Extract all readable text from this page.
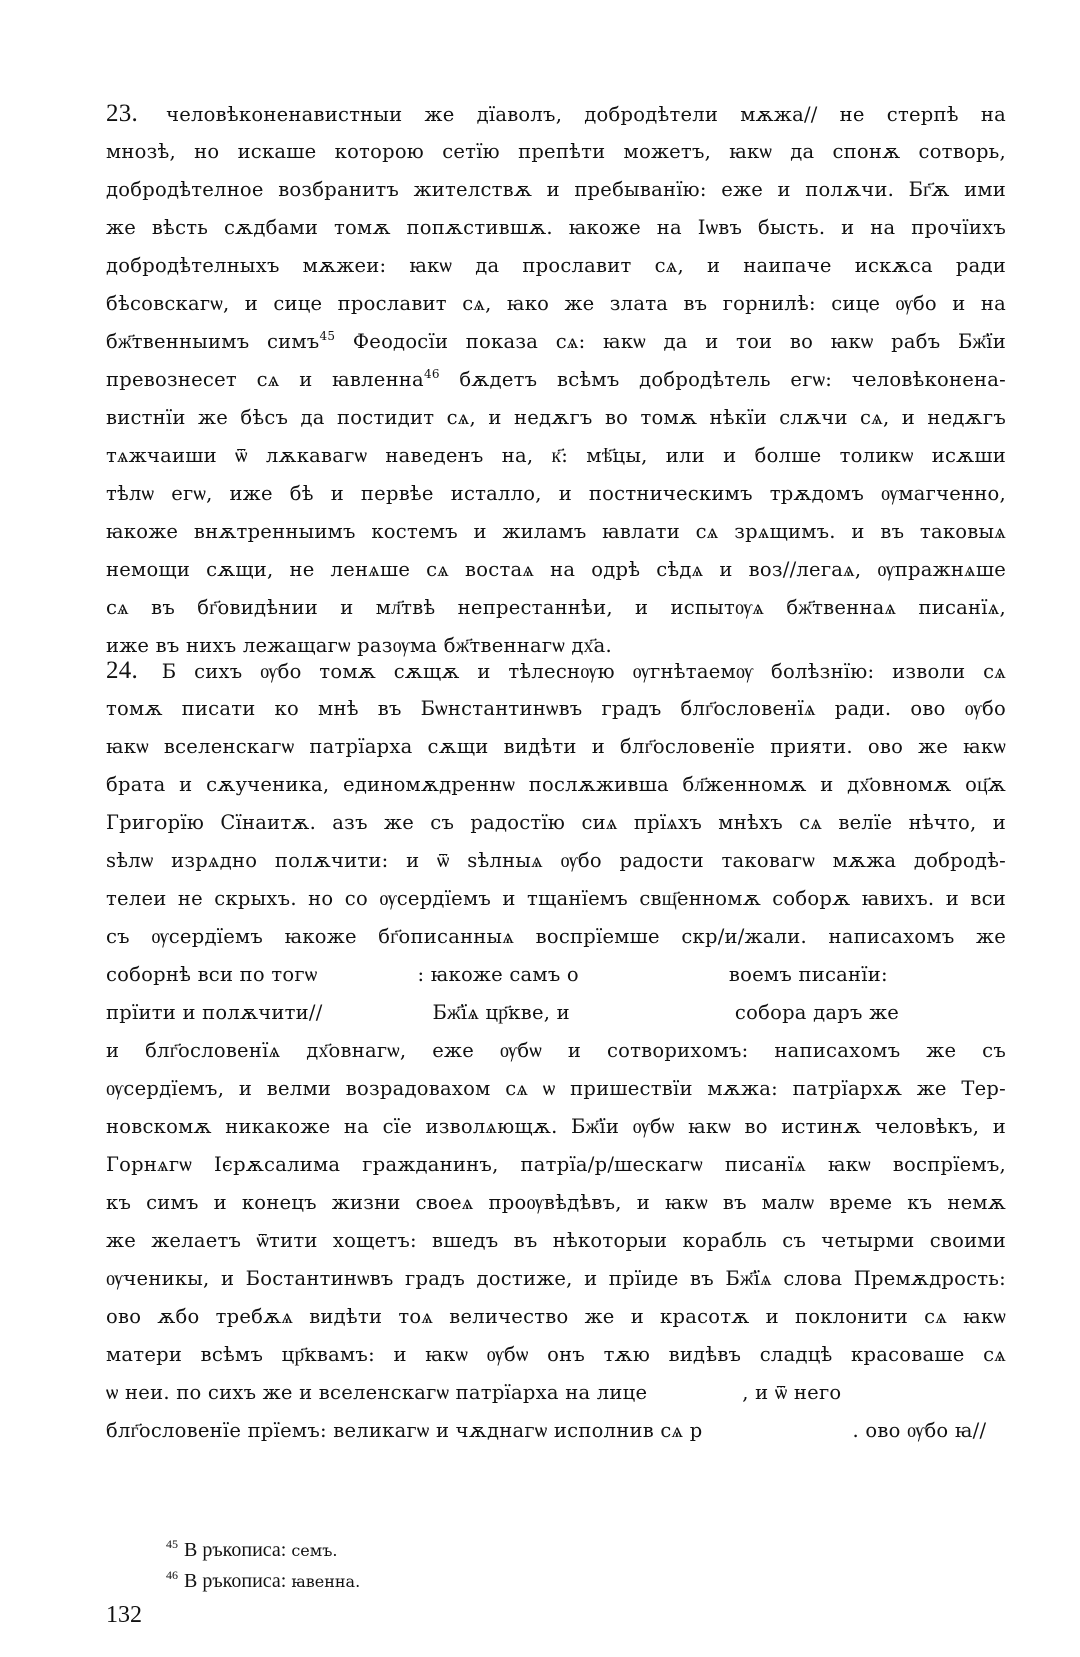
23. человѣконенавистныи же дїаволъ, добродѣтели мѫжа// не стерпѣ на
мнозѣ, но искаше которою сетїю препѣти можетъ, ꙗкѡ да спонѫ сотворь,
добродѣтелное возбранитъ жителствѫ и пребыванїю: еже и полѫчи. Бг҃ѫ ими
же вѣсть сѫдбами томѫ попѫстившѫ. ꙗкоже на Іѡвъ бысть. и на прочїихъ
добродѣтелныхъ мѫжеи: ꙗкѡ да прославит сѧ, и наипаче искѫса ради
бѣсовскагѡ, и сице прославит сѧ, ꙗко же злата въ горнилѣ: сице ѹбо и на
бж҃твенныимъ симъ$^{45}$ Феодосїи показа сѧ: ꙗкѡ да и тои во ꙗкѡ рабъ Бж҃їи
превознесет сѧ и ꙗвленна$^{46}$ бѫдетъ всѣмъ добродѣтель егѡ: человѣконена-
вистнїи же бѣсъ да постидит сѧ, и недѫгъ во томѫ нѣкїи слѫчи сѧ, и недѫгъ
тѧжчаиши ѿ лѫкавагѡ наведенъ на, к҃: мѣ҃цы, или и болше толикѡ исѫши
тѣлѡ егѡ, иже бѣ и первѣе исталло, и постническимъ трѫдомъ ѹмагченно,
ꙗкоже внѫтренныимъ костемъ и жиламъ ꙗвлати сѧ зрѧщимъ. и въ таковыѧ
немощи сѫщи, не ленѧше сѧ востаѧ на одрѣ сѣдѧ и воз//легаѧ, ѹпражнѧше
сѧ въ бг҃овидѣнии и мл҃твѣ непрестаннѣи, и испытѹѧ бж҃твеннаѧ писанїѧ,
иже въ нихъ лежащагѡ разѹма бж҃твеннагѡ дх҃а.
24. Б сихъ ѹбо томѫ сѫщѫ и тѣлеснѹю ѹгнѣтаемѹ болѣзнїю: изволи сѧ
томѫ писати ко мнѣ въ Бѡнстантинѡвъ градъ блг҃ословенїѧ ради. ово ѹбо
ꙗкѡ вселенскагѡ патрїарха сѫщи видѣти и блг҃ословенїе прияти. ово же ꙗкѡ
брата и сѫученика, единомѫдреннѡ послѫживша бл҃женномѫ и дх҃овномѫ оц҃ѫ
Григорїю Сїнаитѫ. азъ же съ радостїю сиѧ прїѧхъ мнѣхъ сѧ велїе нѣчто, и
ѕѣлѡ изрѧдно полѫчити: и ѿ ѕѣлныѧ ѹбо радости таковагѡ мѫжа добродѣ-
телеи не скрыхъ. но со ѹсердїемъ и тщанїемъ свщ҃енномѫ соборѫ ꙗвихъ. и вси
съ ѹсердїемъ ꙗкоже бг҃описанныѧ воспрїемше скр/и/жали. написахомъ же
соборнѣ вси по тогѡ	: ꙗкоже самъ о	воемъ писанїи:
прїити и полѫчити//	Бж҃їѧ цр҃кве, и	собора даръ же
и блг҃ословенїѧ дх҃овнагѡ, еже ѹбѡ и сотворихомъ: написахомъ же съ
ѹсердїемъ, и велми возрадовахом сѧ ѡ пришествїи мѫжа: патрїархѫ же Тер-
новскомѫ никакоже на сїе изволѧющѫ. Бж҃їи ѹбѡ ꙗкѡ во истинѫ человѣкъ, и
Горнѧгѡ Ієрѫсалима гражданинъ, патрїа/р/шескагѡ писанїѧ ꙗкѡ воспрїемъ,
къ симъ и конецъ жизни своеѧ проѹвѣдѣвъ, и ꙗкѡ въ малѡ време къ немѫ
же желаетъ ѿтити хощетъ: вшедъ въ нѣкоторыи корабль съ четырми своими
ѹченикы, и Бостантинѡвъ градъ достиже, и прїиде въ Бж҃їѧ слова Премѫдрость:
ово ѫбо требѫѧ видѣти тоѧ величество же и красотѫ и поклонити сѧ ꙗкѡ
матери всѣмъ цр҃квамъ: и ꙗкѡ ѹбѡ онъ тѫю видѣвъ сладцѣ красоваше сѧ
ѡ неи. по сихъ же и вселенскагѡ патрїарха на лице	, и ѿ него
блг҃ословенїе прїемъ: великагѡ и чѫднагѡ исполнив сѧ р	. ово ѹбо ꙗ//
$^{45}$ В ръкописа: семъ.
$^{46}$ В ръкописа: ꙗвенна.
132
